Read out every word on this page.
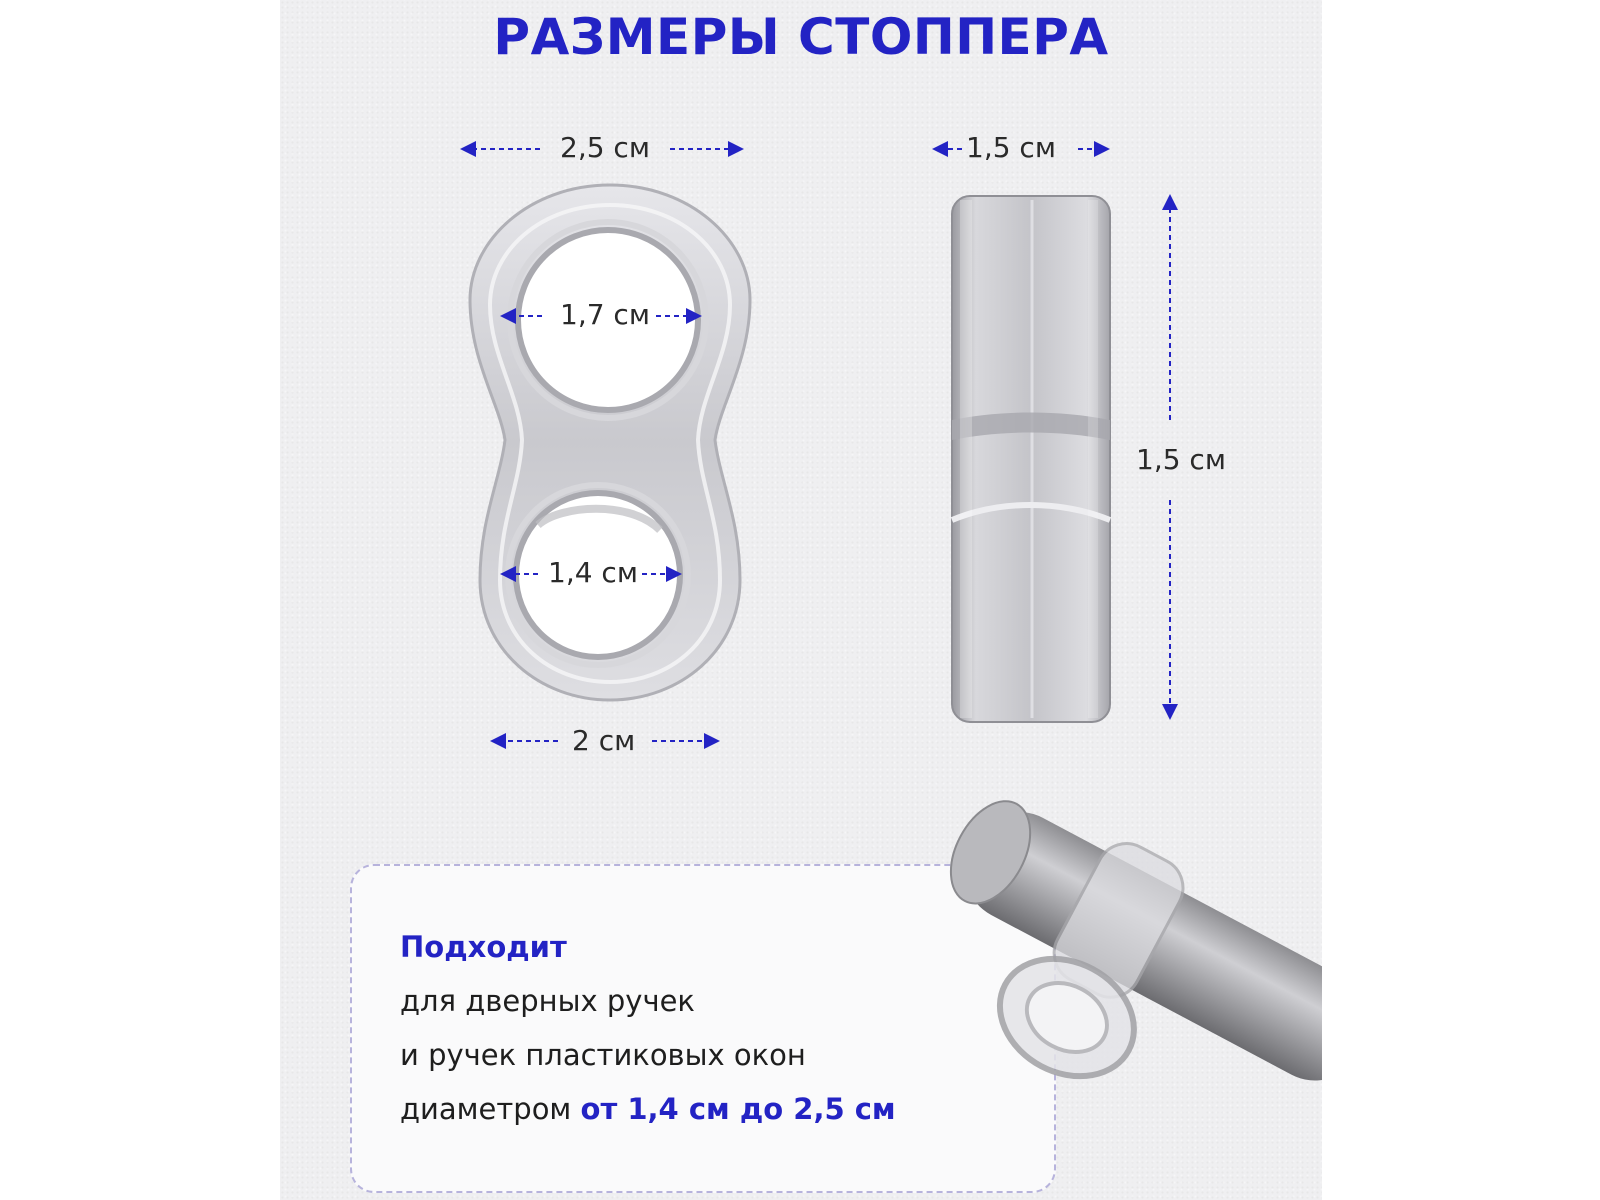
РАЗМЕРЫ СТОППЕРА
2,5 см
1,7 см
1,4 см
2 см
1,5 см
1,5 см
Подходит
для дверных ручек
и ручек пластиковых окон
диаметром от 1,4 см до 2,5 см
